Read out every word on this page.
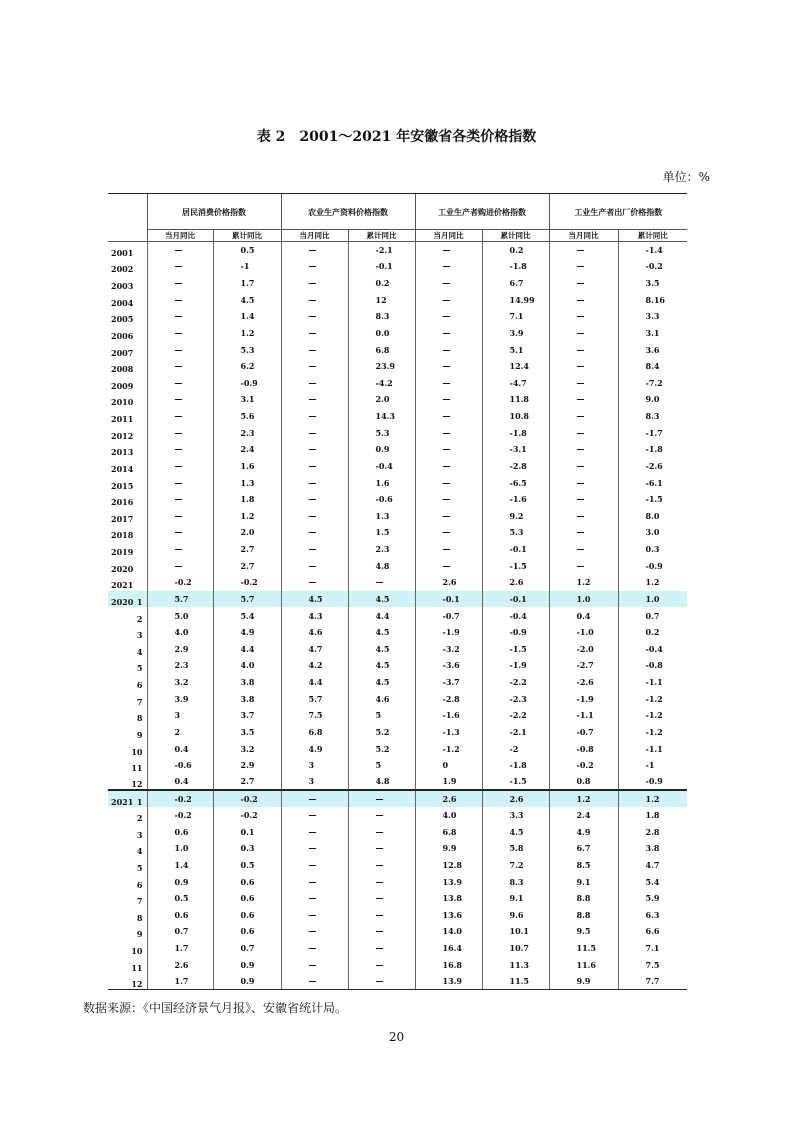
表 2　2001～2021 年安徽省各类价格指数
单位：%
	居民消费价格指数		农业生产资料价格指数		工业生产者购进价格指数		工业生产者出厂价格指数	
	当月同比	累计同比	当月同比	累计同比	当月同比	累计同比	当月同比	累计同比

2001	—	0.5	—	-2.1	—	0.2	—	-1.4

2002	—	-1	—	-0.1	—	-1.8	—	-0.2

2003	—	1.7	—	0.2	—	6.7	—	3.5

2004	—	4.5	—	12	—	14.99	—	8.16

2005	—	1.4	—	8.3	—	7.1	—	3.3

2006	—	1.2	—	0.0	—	3.9	—	3.1

2007	—	5.3	—	6.8	—	5.1	—	3.6

2008	—	6.2	—	23.9	—	12.4	—	8.4

2009	—	-0.9	—	-4.2	—	-4.7	—	-7.2

2010	—	3.1	—	2.0	—	11.8	—	9.0

2011	—	5.6	—	14.3	—	10.8	—	8.3

2012	—	2.3	—	5.3	—	-1.8	—	-1.7

2013	—	2.4	—	0.9	—	-3.1	—	-1.8

2014	—	1.6	—	-0.4	—	-2.8	—	-2.6

2015	—	1.3	—	1.6	—	-6.5	—	-6.1

2016	—	1.8	—	-0.6	—	-1.6	—	-1.5

2017	—	1.2	—	1.3	—	9.2	—	8.0

2018	—	2.0	—	1.5	—	5.3	—	3.0

2019	—	2.7	—	2.3	—	-0.1	—	0.3

2020	—	2.7	—	4.8	—	-1.5	—	-0.9

2021	-0.2	-0.2	—	—	2.6	2.6	1.2	1.2

2020 1	5.7	5.7	4.5	4.5	-0.1	-0.1	1.0	1.0

2	5.0	5.4	4.3	4.4	-0.7	-0.4	0.4	0.7

3	4.0	4.9	4.6	4.5	-1.9	-0.9	-1.0	0.2

4	2.9	4.4	4.7	4.5	-3.2	-1.5	-2.0	-0.4

5	2.3	4.0	4.2	4.5	-3.6	-1.9	-2.7	-0.8

6	3.2	3.8	4.4	4.5	-3.7	-2.2	-2.6	-1.1

7	3.9	3.8	5.7	4.6	-2.8	-2.3	-1.9	-1.2

8	3	3.7	7.5	5	-1.6	-2.2	-1.1	-1.2

9	2	3.5	6.8	5.2	-1.3	-2.1	-0.7	-1.2

10	0.4	3.2	4.9	5.2	-1.2	-2	-0.8	-1.1

11	-0.6	2.9	3	5	0	-1.8	-0.2	-1

12	0.4	2.7	3	4.8	1.9	-1.5	0.8	-0.9

2021 1	-0.2	-0.2	—	—	2.6	2.6	1.2	1.2

2	-0.2	-0.2	—	—	4.0	3.3	2.4	1.8

3	0.6	0.1	—	—	6.8	4.5	4.9	2.8

4	1.0	0.3	—	—	9.9	5.8	6.7	3.8

5	1.4	0.5	—	—	12.8	7.2	8.5	4.7

6	0.9	0.6	—	—	13.9	8.3	9.1	5.4

7	0.5	0.6	—	—	13.8	9.1	8.8	5.9

8	0.6	0.6	—	—	13.6	9.6	8.8	6.3

9	0.7	0.6	—	—	14.0	10.1	9.5	6.6

10	1.7	0.7	—	—	16.4	10.7	11.5	7.1

11	2.6	0.9	—	—	16.8	11.3	11.6	7.5

12	1.7	0.9	—	—	13.9	11.5	9.9	7.7
数据来源：《中国经济景气月报》、安徽省统计局。
20
